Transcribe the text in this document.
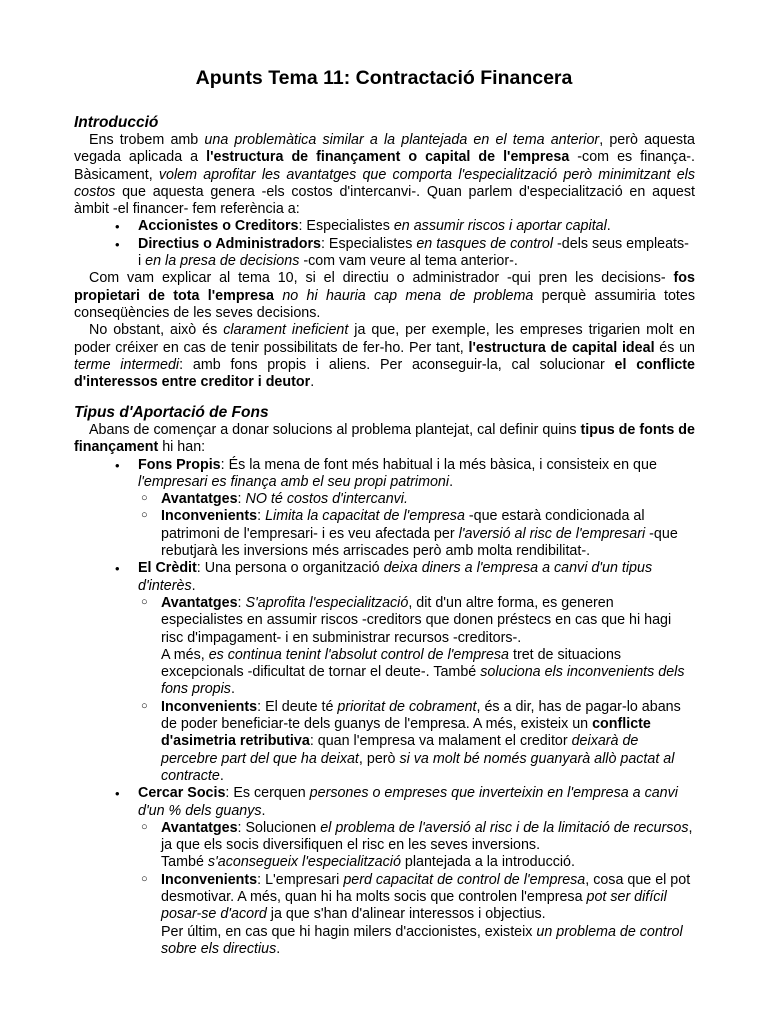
Apunts Tema 11: Contractació Financera
Introducció

Ens trobem amb una problemàtica similar a la plantejada en el tema anterior, però aquesta vegada aplicada a l'estructura de finançament o capital de l'empresa -com es finança-. Bàsicament, volem aprofitar les avantatges que comporta l'especialització però minimitzant els costos que aquesta genera -els costos d'intercanvi-. Quan parlem d'especialització en aquest àmbit -el financer- fem referència a:

• Accionistes o Creditors: Especialistes en assumir riscos i aportar capital.
• Directius o Administradors: Especialistes en tasques de control -dels seus empleats- i en la presa de decisions -com vam veure al tema anterior-.

Com vam explicar al tema 10, si el directiu o administrador -qui pren les decisions- fos propietari de tota l'empresa no hi hauria cap mena de problema perquè assumiria totes conseqüències de les seves decisions.

No obstant, això és clarament ineficient ja que, per exemple, les empreses trigarien molt en poder créixer en cas de tenir possibilitats de fer-ho. Per tant, l'estructura de capital ideal és un terme intermedi: amb fons propis i aliens. Per aconseguir-la, cal solucionar el conflicte d'interessos entre creditor i deutor.

Tipus d'Aportació de Fons

Abans de començar a donar solucions al problema plantejat, cal definir quins tipus de fonts de finançament hi han:

• Fons Propis: És la mena de font més habitual i la més bàsica, i consisteix en que l'empresari es finança amb el seu propi patrimoni.
○ Avantatges: NO té costos d'intercanvi.
○ Inconvenients: Limita la capacitat de l'empresa -que estarà condicionada al patrimoni de l'empresari- i es veu afectada per l'aversió al risc de l'empresari -que rebutjarà les inversions més arriscades però amb molta rendibilitat-.
• El Crèdit: Una persona o organització deixa diners a l'empresa a canvi d'un tipus d'interès.
○ Avantatges: S'aprofita l'especialització, dit d'un altre forma, es generen especialistes en assumir riscos -creditors que donen préstecs en cas que hi hagi risc d'impagament- i en subministrar recursos -creditors-.
A més, es continua tenint l'absolut control de l'empresa tret de situacions excepcionals -dificultat de tornar el deute-. També soluciona els inconvenients dels fons propis.
○ Inconvenients: El deute té prioritat de cobrament, és a dir, has de pagar-lo abans de poder beneficiar-te dels guanys de l'empresa. A més, existeix un conflicte d'asimetria retributiva: quan l'empresa va malament el creditor deixarà de percebre part del que ha deixat, però si va molt bé només guanyarà allò pactat al contracte.
• Cercar Socis: Es cerquen persones o empreses que inverteixin en l'empresa a canvi d'un % dels guanys.
○ Avantatges: Solucionen el problema de l'aversió al risc i de la limitació de recursos, ja que els socis diversifiquen el risc en les seves inversions.
També s'aconsegueix l'especialització plantejada a la introducció.
○ Inconvenients: L'empresari perd capacitat de control de l'empresa, cosa que el pot desmotivar. A més, quan hi ha molts socis que controlen l'empresa pot ser difícil posar-se d'acord ja que s'han d'alinear interessos i objectius.
Per últim, en cas que hi hagin milers d'accionistes, existeix un problema de control sobre els directius.
